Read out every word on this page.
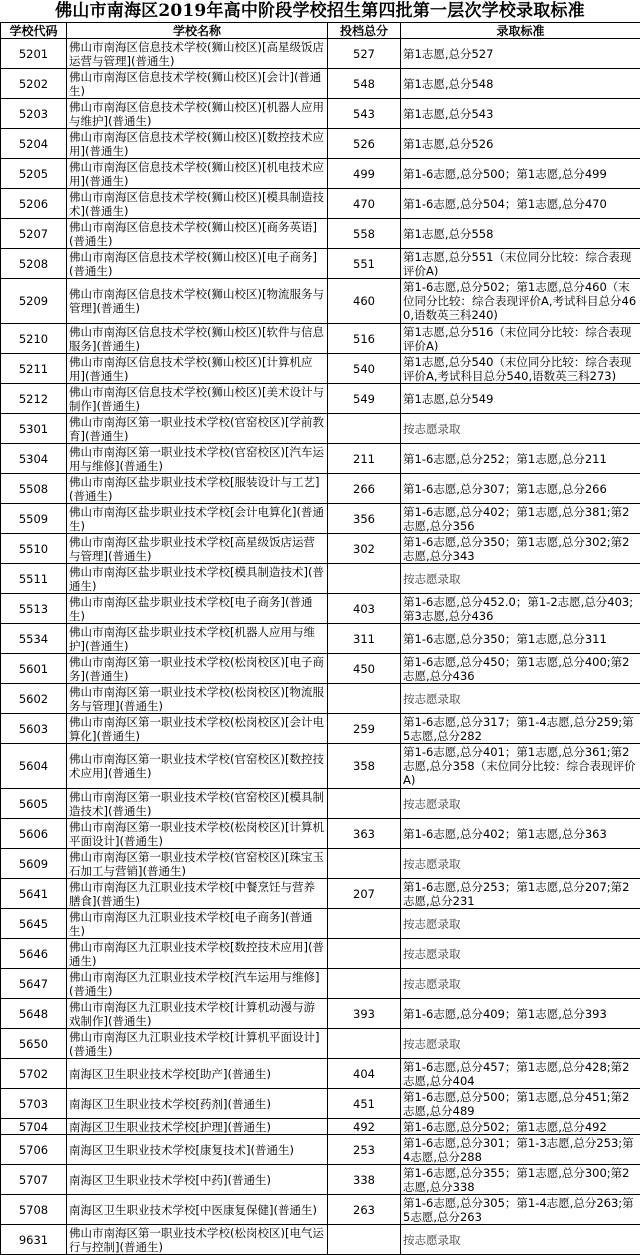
佛山市南海区2019年高中阶段学校招生第四批第一层次学校录取标准
学校代码	学校名称	投档总分	录取标准
5201	佛山市南海区信息技术学校(狮山校区)[高星级饭店运营与管理](普通生)	527	第1志愿,总分527
5202	佛山市南海区信息技术学校(狮山校区)[会计](普通生)	548	第1志愿,总分548
5203	佛山市南海区信息技术学校(狮山校区)[机器人应用与维护](普通生)	543	第1志愿,总分543
5204	佛山市南海区信息技术学校(狮山校区)[数控技术应用](普通生)	526	第1志愿,总分526
5205	佛山市南海区信息技术学校(狮山校区)[机电技术应用](普通生)	499	第1-6志愿,总分500；第1志愿,总分499
5206	佛山市南海区信息技术学校(狮山校区)[模具制造技术](普通生)	470	第1-6志愿,总分504；第1志愿,总分470
5207	佛山市南海区信息技术学校(狮山校区)[商务英语](普通生)	558	第1志愿,总分558
5208	佛山市南海区信息技术学校(狮山校区)[电子商务](普通生)	551	第1志愿,总分551（末位同分比较：综合表现评价A)
5209	佛山市南海区信息技术学校(狮山校区)[物流服务与管理](普通生)	460	第1-6志愿,总分502；第1志愿,总分460（末位同分比较：综合表现评价A,考试科目总分460,语数英三科240)
5210	佛山市南海区信息技术学校(狮山校区)[软件与信息服务](普通生)	516	第1志愿,总分516（末位同分比较：综合表现评价A)
5211	佛山市南海区信息技术学校(狮山校区)[计算机应用](普通生)	540	第1志愿,总分540（末位同分比较：综合表现评价A,考试科目总分540,语数英三科273)
5212	佛山市南海区信息技术学校(狮山校区)[美术设计与制作](普通生)	549	第1志愿,总分549
5301	佛山市南海区第一职业技术学校(官窑校区)[学前教育](普通生)		按志愿录取
5304	佛山市南海区第一职业技术学校(官窑校区)[汽车运用与维修](普通生)	211	第1-6志愿,总分252；第1志愿,总分211
5508	佛山市南海区盐步职业技术学校[服装设计与工艺](普通生)	266	第1-6志愿,总分307；第1志愿,总分266
5509	佛山市南海区盐步职业技术学校[会计电算化](普通生)	356	第1-6志愿,总分402；第1志愿,总分381;第2志愿,总分356
5510	佛山市南海区盐步职业技术学校[高星级饭店运营与管理](普通生)	302	第1-6志愿,总分350；第1志愿,总分302;第2志愿,总分343
5511	佛山市南海区盐步职业技术学校[模具制造技术](普通生)		按志愿录取
5513	佛山市南海区盐步职业技术学校[电子商务](普通生)	403	第1-6志愿,总分452.0；第1-2志愿,总分403;第3志愿,总分436
5534	佛山市南海区盐步职业技术学校[机器人应用与维护](普通生)	311	第1-6志愿,总分350；第1志愿,总分311
5601	佛山市南海区第一职业技术学校(松岗校区)[电子商务](普通生)	450	第1-6志愿,总分450；第1志愿,总分400;第2志愿,总分436
5602	佛山市南海区第一职业技术学校(松岗校区)[物流服务与管理](普通生)		按志愿录取
5603	佛山市南海区第一职业技术学校(松岗校区)[会计电算化](普通生)	259	第1-6志愿,总分317；第1-4志愿,总分259;第5志愿,总分282
5604	佛山市南海区第一职业技术学校(官窑校区)[数控技术应用](普通生)	358	第1-6志愿,总分401；第1志愿,总分361;第2志愿,总分358（末位同分比较：综合表现评价A)
5605	佛山市南海区第一职业技术学校(官窑校区)[模具制造技术](普通生)		按志愿录取
5606	佛山市南海区第一职业技术学校(松岗校区)[计算机平面设计](普通生)	363	第1-6志愿,总分402；第1志愿,总分363
5609	佛山市南海区第一职业技术学校(官窑校区)[珠宝玉石加工与营销](普通生)		按志愿录取
5641	佛山市南海区九江职业技术学校[中餐烹饪与营养膳食](普通生)	207	第1-6志愿,总分253；第1志愿,总分207;第2志愿,总分231
5645	佛山市南海区九江职业技术学校[电子商务](普通生)		按志愿录取
5646	佛山市南海区九江职业技术学校[数控技术应用](普通生)		按志愿录取
5647	佛山市南海区九江职业技术学校[汽车运用与维修](普通生)		按志愿录取
5648	佛山市南海区九江职业技术学校[计算机动漫与游戏制作](普通生)	393	第1-6志愿,总分409；第1志愿,总分393
5650	佛山市南海区九江职业技术学校[计算机平面设计](普通生)		按志愿录取
5702	南海区卫生职业技术学校[助产](普通生)	404	第1-6志愿,总分457；第1志愿,总分428;第2志愿,总分404
5703	南海区卫生职业技术学校[药剂](普通生)	451	第1-6志愿,总分500；第1志愿,总分451;第2志愿,总分489
5704	南海区卫生职业技术学校[护理](普通生)	492	第1-6志愿,总分502；第1志愿,总分492
5706	南海区卫生职业技术学校[康复技术](普通生)	253	第1-6志愿,总分301；第1-3志愿,总分253;第4志愿,总分288
5707	南海区卫生职业技术学校[中药](普通生)	338	第1-6志愿,总分355；第1志愿,总分300;第2志愿,总分338
5708	南海区卫生职业技术学校[中医康复保健](普通生)	263	第1-6志愿,总分305；第1-4志愿,总分263;第5志愿,总分263
9631	佛山市南海区第一职业技术学校(松岗校区)[电气运行与控制](普通生)		按志愿录取
